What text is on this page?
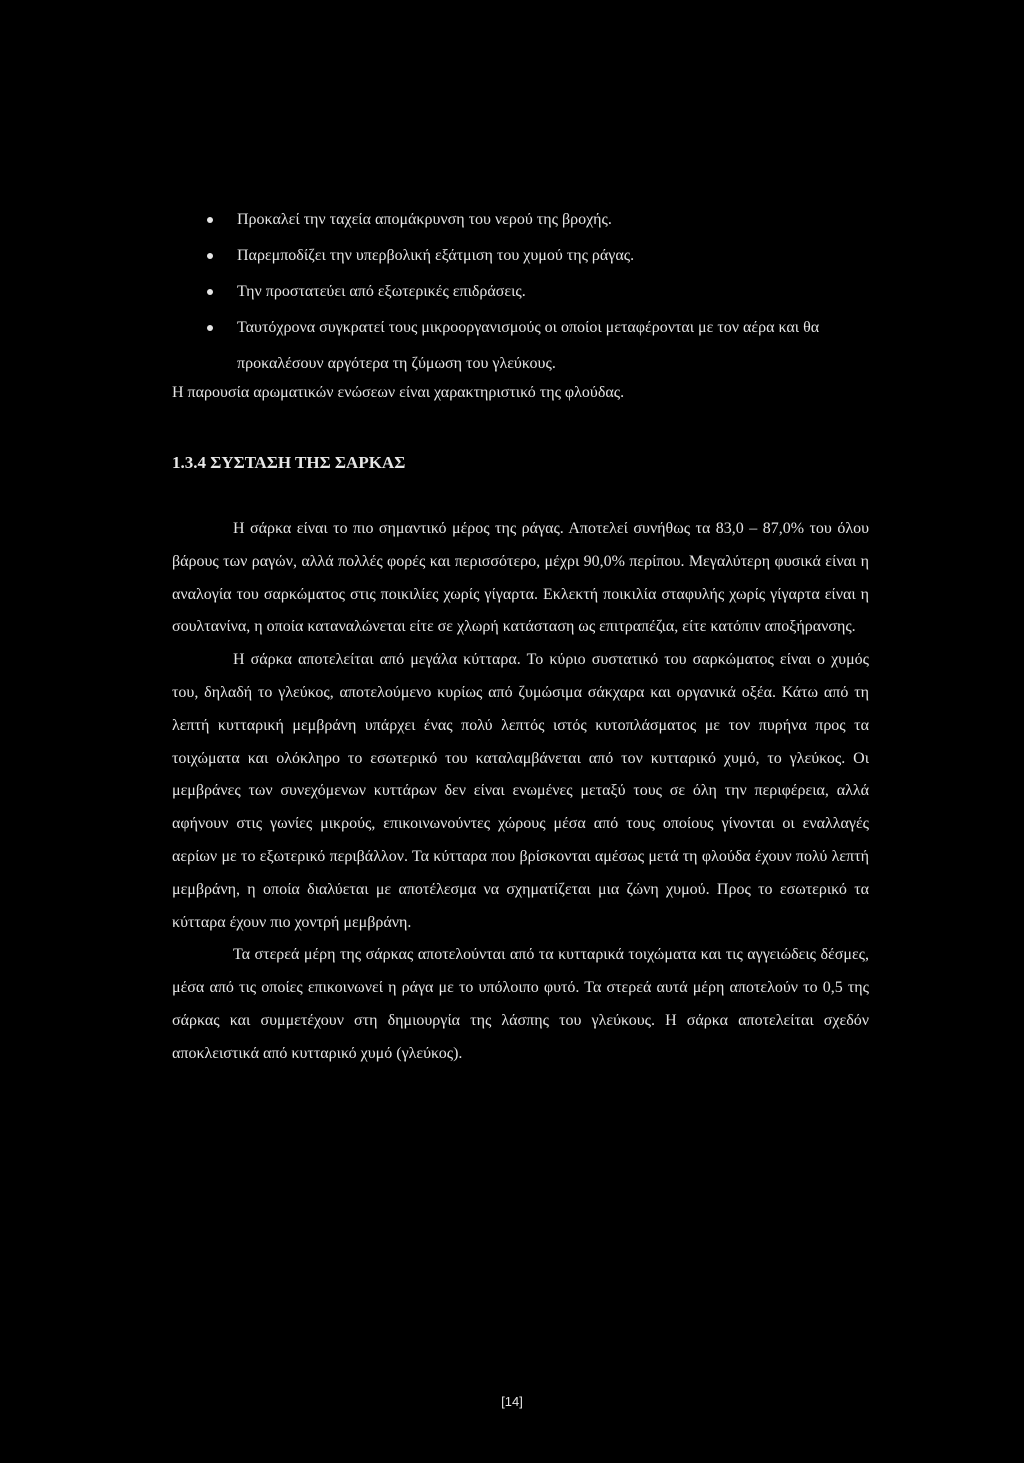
Προκαλεί την ταχεία απομάκρυνση του νερού της βροχής.
Παρεμποδίζει την υπερβολική εξάτμιση του χυμού της ράγας.
Την προστατεύει από εξωτερικές επιδράσεις.
Ταυτόχρονα συγκρατεί τους μικροοργανισμούς οι οποίοι μεταφέρονται με τον αέρα και θα προκαλέσουν αργότερα τη ζύμωση του γλεύκους.

Η παρουσία αρωματικών ενώσεων είναι χαρακτηριστικό της φλούδας.

1.3.4 ΣΥΣΤΑΣΗ ΤΗΣ ΣΑΡΚΑΣ

Η σάρκα είναι το πιο σημαντικό μέρος της ράγας. Αποτελεί συνήθως τα 83,0 – 87,0% του όλου βάρους των ραγών, αλλά πολλές φορές και περισσότερο, μέχρι 90,0% περίπου. Μεγαλύτερη φυσικά είναι η αναλογία του σαρκώματος στις ποικιλίες χωρίς γίγαρτα. Εκλεκτή ποικιλία σταφυλής χωρίς γίγαρτα είναι η σουλτανίνα, η οποία καταναλώνεται είτε σε χλωρή κατάσταση ως επιτραπέζια, είτε κατόπιν αποξήρανσης.

Η σάρκα αποτελείται από μεγάλα κύτταρα. Το κύριο συστατικό του σαρκώματος είναι ο χυμός του, δηλαδή το γλεύκος, αποτελούμενο κυρίως από ζυμώσιμα σάκχαρα και οργανικά οξέα. Κάτω από τη λεπτή κυτταρική μεμβράνη υπάρχει ένας πολύ λεπτός ιστός κυτοπλάσματος με τον πυρήνα προς τα τοιχώματα και ολόκληρο το εσωτερικό του καταλαμβάνεται από τον κυτταρικό χυμό, το γλεύκος. Οι μεμβράνες των συνεχόμενων κυττάρων δεν είναι ενωμένες μεταξύ τους σε όλη την περιφέρεια, αλλά αφήνουν στις γωνίες μικρούς, επικοινωνούντες χώρους μέσα από τους οποίους γίνονται οι εναλλαγές αερίων με το εξωτερικό περιβάλλον. Τα κύτταρα που βρίσκονται αμέσως μετά τη φλούδα έχουν πολύ λεπτή μεμβράνη, η οποία διαλύεται με αποτέλεσμα να σχηματίζεται μια ζώνη χυμού. Προς το εσωτερικό τα κύτταρα έχουν πιο χοντρή μεμβράνη.

Τα στερεά μέρη της σάρκας αποτελούνται από τα κυτταρικά τοιχώματα και τις αγγειώδεις δέσμες, μέσα από τις οποίες επικοινωνεί η ράγα με το υπόλοιπο φυτό. Τα στερεά αυτά μέρη αποτελούν το 0,5 της σάρκας και συμμετέχουν στη δημιουργία της λάσπης του γλεύκους. Η σάρκα αποτελείται σχεδόν αποκλειστικά από κυτταρικό χυμό (γλεύκος).

[14]
